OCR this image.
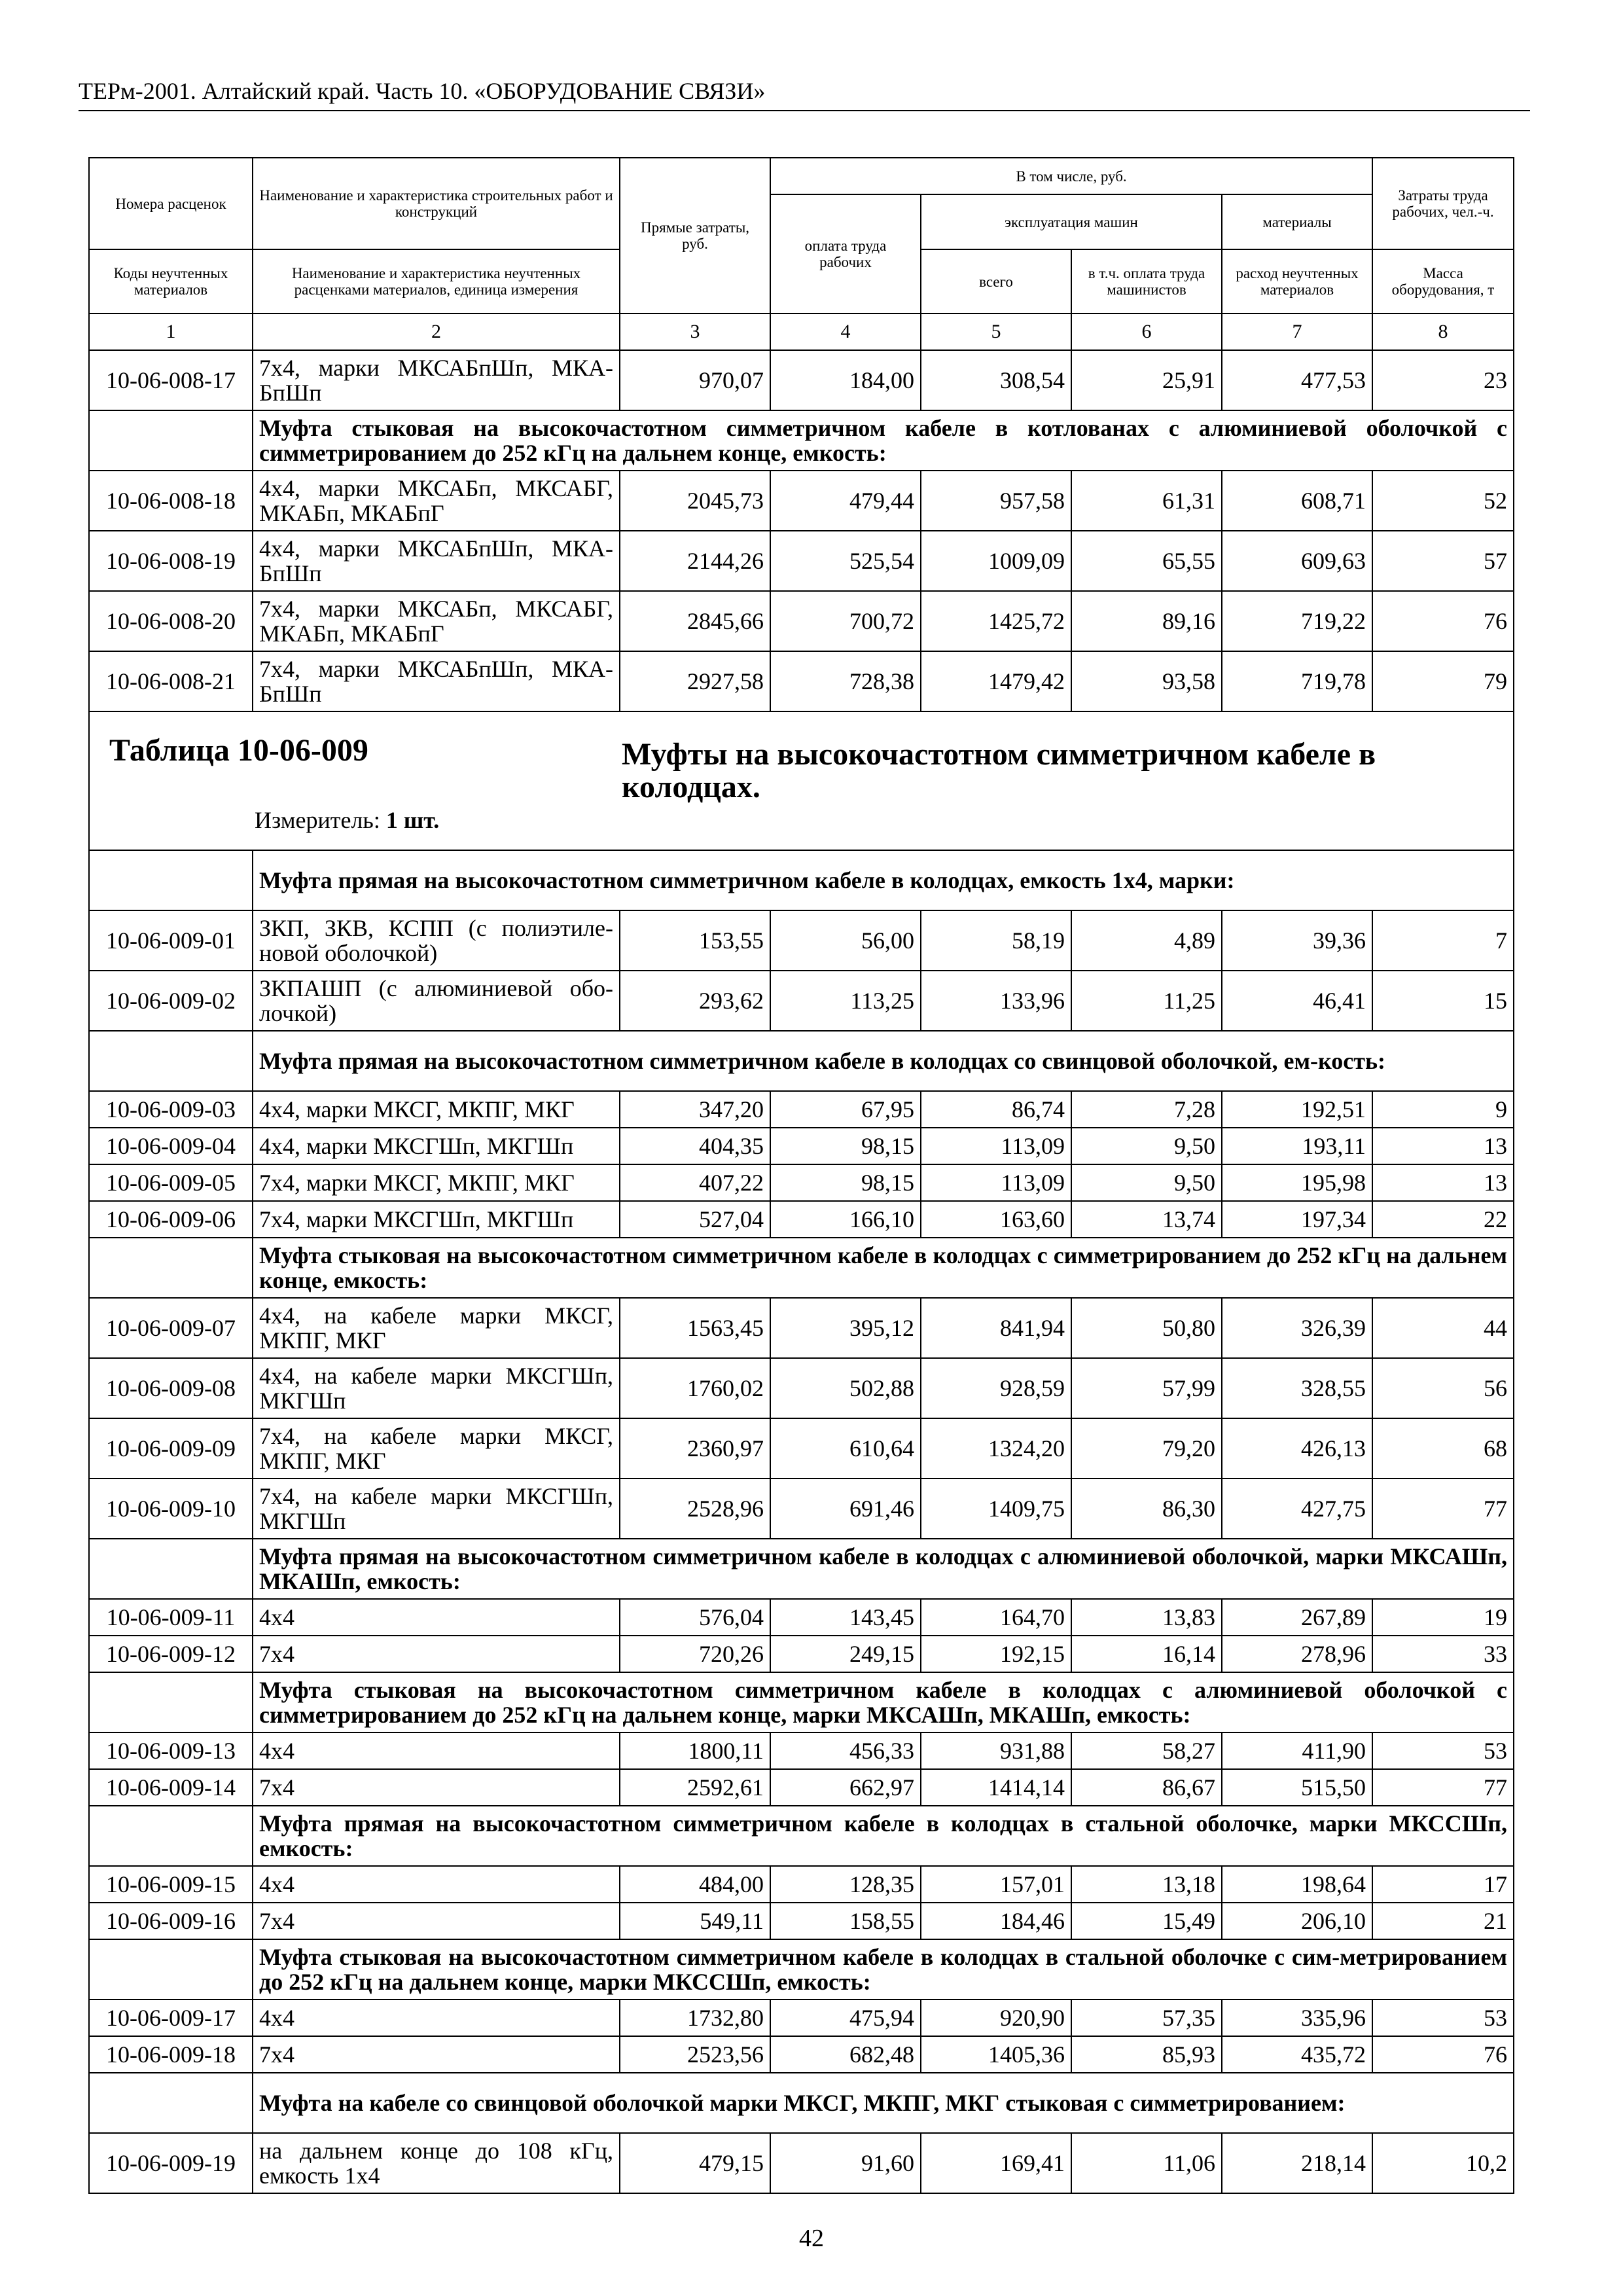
ТЕРм-2001. Алтайский край. Часть 10. «ОБОРУДОВАНИЕ СВЯЗИ»
Номера расценок	Наименование и характеристика строительных работ и конструкций	Прямые затраты, руб.	В том числе, руб.				Затраты труда рабочих, чел.-ч.
			оплата труда рабочих	эксплуатация машин		материалы	
Коды неучтенных материалов	Наименование и характеристика неучтенных расценками материалов, единица измерения			всего	в т.ч. оплата труда машинистов	расход неучтенных материалов	Масса оборудования, т
1	2	3	4	5	6	7	8
10-06-008-17	7х4, марки МКСАБпШп, МКА-БпШп	970,07	184,00	308,54	25,91	477,53	23
	Муфта стыковая на высокочастотном симметричном кабеле в котлованах с алюминиевой оболочкой с симметрированием до 252 кГц на дальнем конце, емкость:						
10-06-008-18	4х4, марки МКСАБп, МКСАБГ, МКАБп, МКАБпГ	2045,73	479,44	957,58	61,31	608,71	52
10-06-008-19	4х4, марки МКСАБпШп, МКА-БпШп	2144,26	525,54	1009,09	65,55	609,63	57
10-06-008-20	7х4, марки МКСАБп, МКСАБГ, МКАБп, МКАБпГ	2845,66	700,72	1425,72	89,16	719,22	76
10-06-008-21	7х4, марки МКСАБпШп, МКА-БпШп	2927,58	728,38	1479,42	93,58	719,78	79

Таблица 10-06-009 Муфты на высокочастотном симметричном кабеле в колодцах.
Измеритель: 1 шт.							

	Муфта прямая на высокочастотном симметричном кабеле в колодцах, емкость 1х4, марки:						
10-06-009-01	ЗКП, ЗКВ, КСПП (с полиэтиле-новой оболочкой)	153,55	56,00	58,19	4,89	39,36	7
10-06-009-02	ЗКПАШП (с алюминиевой обо-лочкой)	293,62	113,25	133,96	11,25	46,41	15
	Муфта прямая на высокочастотном симметричном кабеле в колодцах со свинцовой оболочкой, ем-кость:						
10-06-009-03	4х4, марки МКСГ, МКПГ, МКГ	347,20	67,95	86,74	7,28	192,51	9
10-06-009-04	4х4, марки МКСГШп, МКГШп	404,35	98,15	113,09	9,50	193,11	13
10-06-009-05	7х4, марки МКСГ, МКПГ, МКГ	407,22	98,15	113,09	9,50	195,98	13
10-06-009-06	7х4, марки МКСГШп, МКГШп	527,04	166,10	163,60	13,74	197,34	22
	Муфта стыковая на высокочастотном симметричном кабеле в колодцах с симметрированием до 252 кГц на дальнем конце, емкость:						
10-06-009-07	4х4, на кабеле марки МКСГ, МКПГ, МКГ	1563,45	395,12	841,94	50,80	326,39	44
10-06-009-08	4х4, на кабеле марки МКСГШп, МКГШп	1760,02	502,88	928,59	57,99	328,55	56
10-06-009-09	7х4, на кабеле марки МКСГ, МКПГ, МКГ	2360,97	610,64	1324,20	79,20	426,13	68
10-06-009-10	7х4, на кабеле марки МКСГШп, МКГШп	2528,96	691,46	1409,75	86,30	427,75	77
	Муфта прямая на высокочастотном симметричном кабеле в колодцах с алюминиевой оболочкой, марки МКСАШп, МКАШп, емкость:						
10-06-009-11	4х4	576,04	143,45	164,70	13,83	267,89	19
10-06-009-12	7х4	720,26	249,15	192,15	16,14	278,96	33
	Муфта стыковая на высокочастотном симметричном кабеле в колодцах с алюминиевой оболочкой с симметрированием до 252 кГц на дальнем конце, марки МКСАШп, МКАШп, емкость:						
10-06-009-13	4х4	1800,11	456,33	931,88	58,27	411,90	53
10-06-009-14	7х4	2592,61	662,97	1414,14	86,67	515,50	77
	Муфта прямая на высокочастотном симметричном кабеле в колодцах в стальной оболочке, марки МКССШп, емкость:						
10-06-009-15	4х4	484,00	128,35	157,01	13,18	198,64	17
10-06-009-16	7х4	549,11	158,55	184,46	15,49	206,10	21
	Муфта стыковая на высокочастотном симметричном кабеле в колодцах в стальной оболочке с сим-метрированием до 252 кГц на дальнем конце, марки МКССШп, емкость:						
10-06-009-17	4х4	1732,80	475,94	920,90	57,35	335,96	53
10-06-009-18	7х4	2523,56	682,48	1405,36	85,93	435,72	76
	Муфта на кабеле со свинцовой оболочкой марки МКСГ, МКПГ, МКГ стыковая с симметрированием:						
10-06-009-19	на дальнем конце до 108 кГц, емкость 1х4	479,15	91,60	169,41	11,06	218,14	10,2
42
